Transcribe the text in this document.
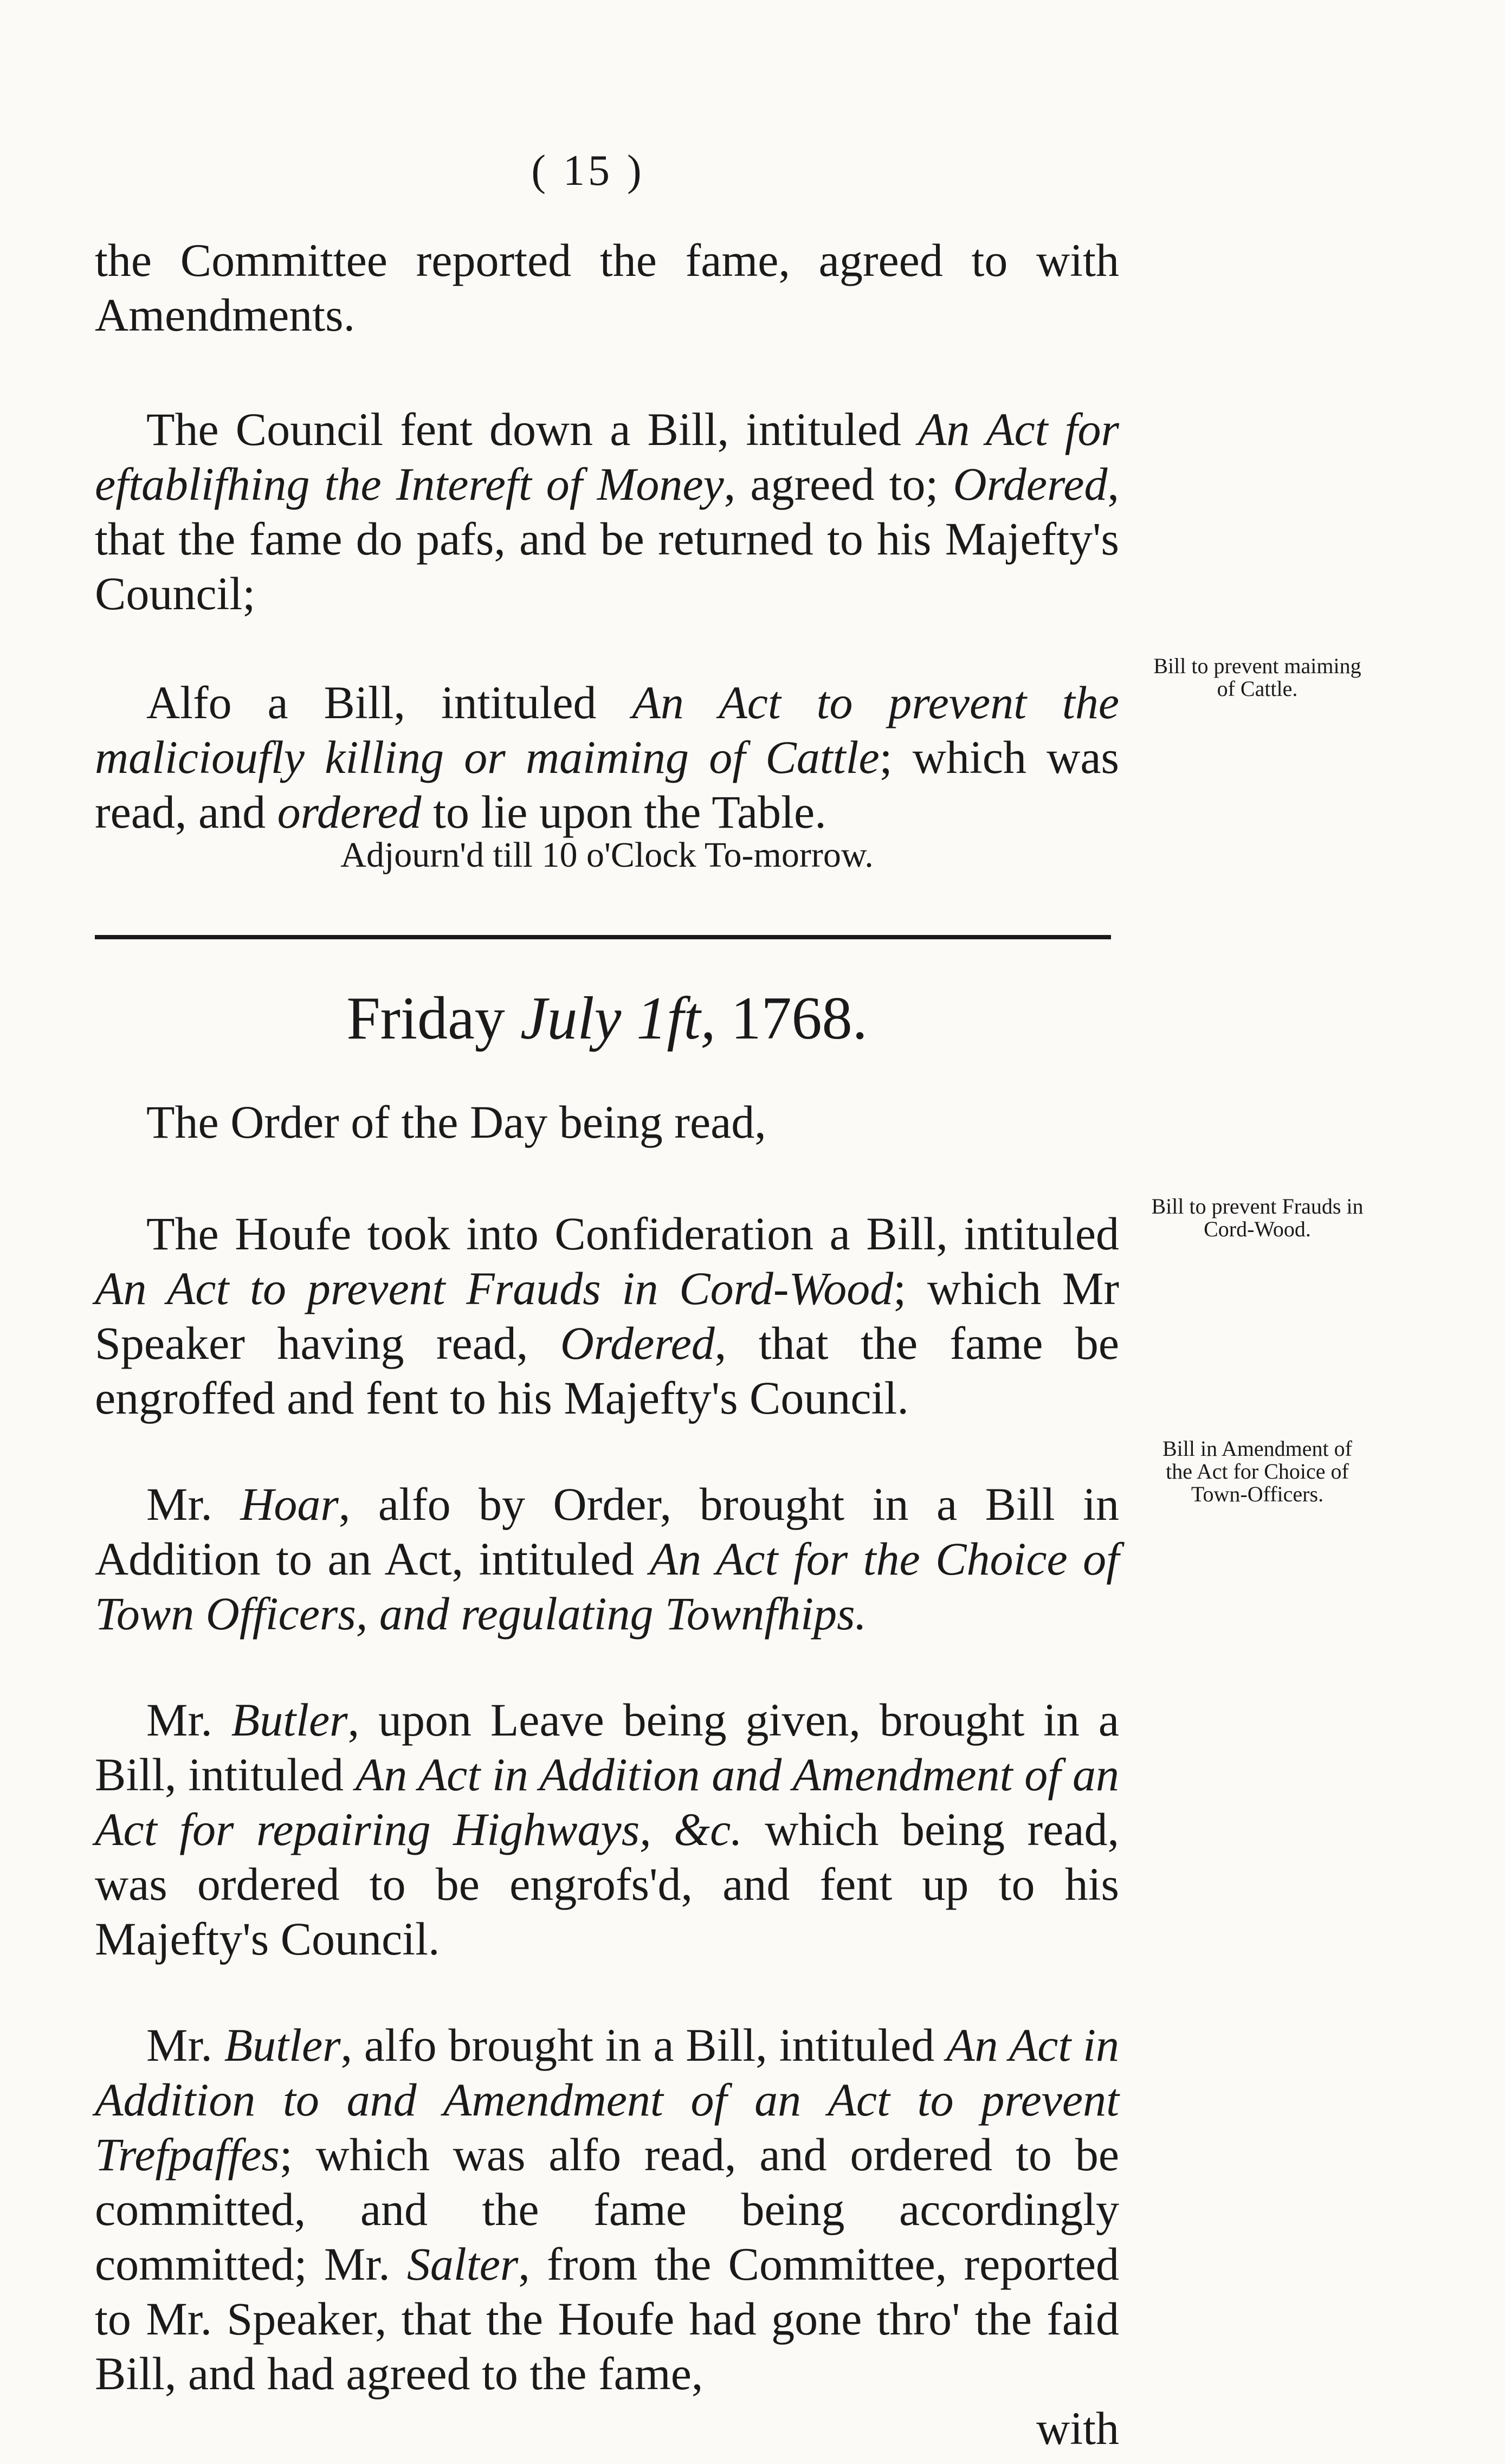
( 15 )

the Committee reported the fame, agreed to with Amendments.

The Council fent down a Bill, intituled An Act for eftablifhing the Intereft of Money, agreed to; Ordered, that the fame do pafs, and be returned to his Majefty's Council;

Alfo a Bill, intituled An Act to prevent the malicioufly killing or maiming of Cattle; which was read, and ordered to lie upon the Table.

Bill to prevent maiming of Cattle.
Adjourn'd till 10 o'Clock To-morrow.
Friday July 1ft, 1768.

The Order of the Day being read,

The Houfe took into Confideration a Bill, intituled An Act to prevent Frauds in Cord-Wood; which Mr Speaker having read, Ordered, that the fame be engroffed and fent to his Majefty's Council.

Mr. Hoar, alfo by Order, brought in a Bill in Addition to an Act, intituled An Act for the Choice of Town Officers, and regulating Townfhips.

Mr. Butler, upon Leave being given, brought in a Bill, intituled An Act in Addition and Amendment of an Act for repairing Highways, &c. which being read, was ordered to be engrofs'd, and fent up to his Majefty's Council.

Mr. Butler, alfo brought in a Bill, intituled An Act in Addition to and Amendment of an Act to prevent Trefpaffes; which was alfo read, and ordered to be committed, and the fame being accordingly committed; Mr. Salter, from the Committee, reported to Mr. Speaker, that the Houfe had gone thro' the faid Bill, and had agreed to the fame,

with

Bill to prevent Frauds in Cord-Wood.
Bill in Amendment of the Act for Choice of Town-Officers.
